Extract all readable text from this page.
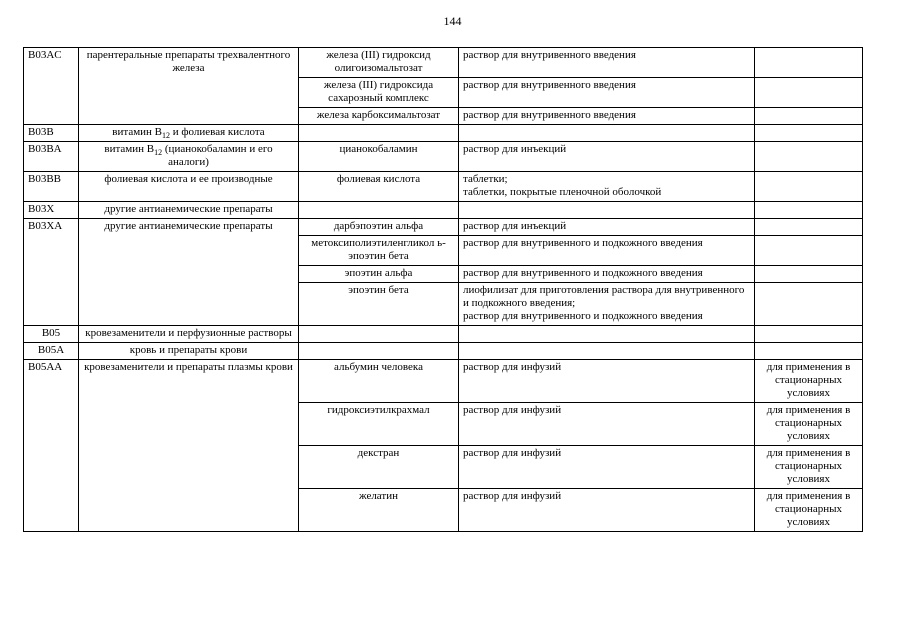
144
B03AC	парентеральные препараты трехвалентного железа	железа (III) гидроксид олигоизомальтозат	раствор для внутривенного введения	

		железа (III) гидроксида сахарозный комплекс	раствор для внутривенного введения	

		железа карбоксимальтозат	раствор для внутривенного введения	

B03B	витамин $B_{12}$ и фолиевая кислота			
B03BA	витамин $B_{12}$ (цианокобаламин и его аналоги)	цианокобаламин	раствор для инъекций	

B03BB	фолиевая кислота и ее производные	фолиевая кислота	таблетки;
таблетки, покрытые пленочной оболочкой	

B03X	другие антианемические препараты			
B03XA	другие антианемические препараты	дарбэпоэтин альфа	раствор для инъекций	

		метоксиполиэтиленгликол ь-эпоэтин бета	раствор для внутривенного и подкожного введения	

		эпоэтин альфа	раствор для внутривенного и подкожного введения	

		эпоэтин бета	лиофилизат для приготовления раствора для внутривенного и подкожного введения;
раствор для внутривенного и подкожного введения	

B05	кровезаменители и перфузионные растворы			
B05A	кровь и препараты крови			
B05AA	кровезаменители и препараты плазмы крови	альбумин человека	раствор для инфузий	для применения в стационарных условиях
		гидроксиэтилкрахмал	раствор для инфузий	для применения в стационарных условиях
		декстран	раствор для инфузий	для применения в стационарных условиях
		желатин	раствор для инфузий	для применения в стационарных условиях
